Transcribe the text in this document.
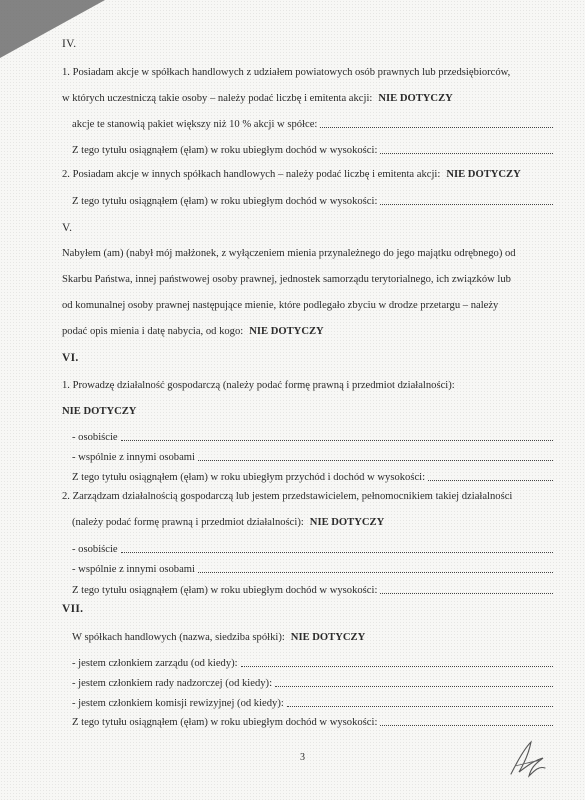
IV.
1. Posiadam akcje w spółkach handlowych z udziałem powiatowych osób prawnych lub przedsiębiorców,
w których uczestniczą takie osoby – należy podać liczbę i emitenta akcji: NIE DOTYCZY
akcje te stanowią pakiet większy niż 10 % akcji w spółce:
Z tego tytułu osiągnąłem (ęłam) w roku ubiegłym dochód w wysokości:
2. Posiadam akcje w innych spółkach handlowych – należy podać liczbę i emitenta akcji: NIE DOTYCZY
Z tego tytułu osiągnąłem (ęłam) w roku ubiegłym dochód w wysokości:
V.
Nabyłem (am) (nabył mój małżonek, z wyłączeniem mienia przynależnego do jego majątku odrębnego) od
Skarbu Państwa, innej państwowej osoby prawnej, jednostek samorządu terytorialnego, ich związków lub
od komunalnej osoby prawnej następujące mienie, które podlegało zbyciu w drodze przetargu – należy
podać opis mienia i datę nabycia, od kogo: NIE DOTYCZY
VI.
1. Prowadzę działalność gospodarczą (należy podać formę prawną i przedmiot działalności):
NIE DOTYCZY
- osobiście
- wspólnie z innymi osobami
Z tego tytułu osiągnąłem (ęłam) w roku ubiegłym przychód i dochód w wysokości:
2. Zarządzam działalnością gospodarczą lub jestem przedstawicielem, pełnomocnikiem takiej działalności
(należy podać formę prawną i przedmiot działalności): NIE DOTYCZY
- osobiście
- wspólnie z innymi osobami
Z tego tytułu osiągnąłem (ęłam) w roku ubiegłym dochód w wysokości:
VII.
W spółkach handlowych (nazwa, siedziba spółki): NIE DOTYCZY
- jestem członkiem zarządu (od kiedy):
- jestem członkiem rady nadzorczej (od kiedy):
- jestem członkiem komisji rewizyjnej (od kiedy):
Z tego tytułu osiągnąłem (ęłam) w roku ubiegłym dochód w wysokości:
3
